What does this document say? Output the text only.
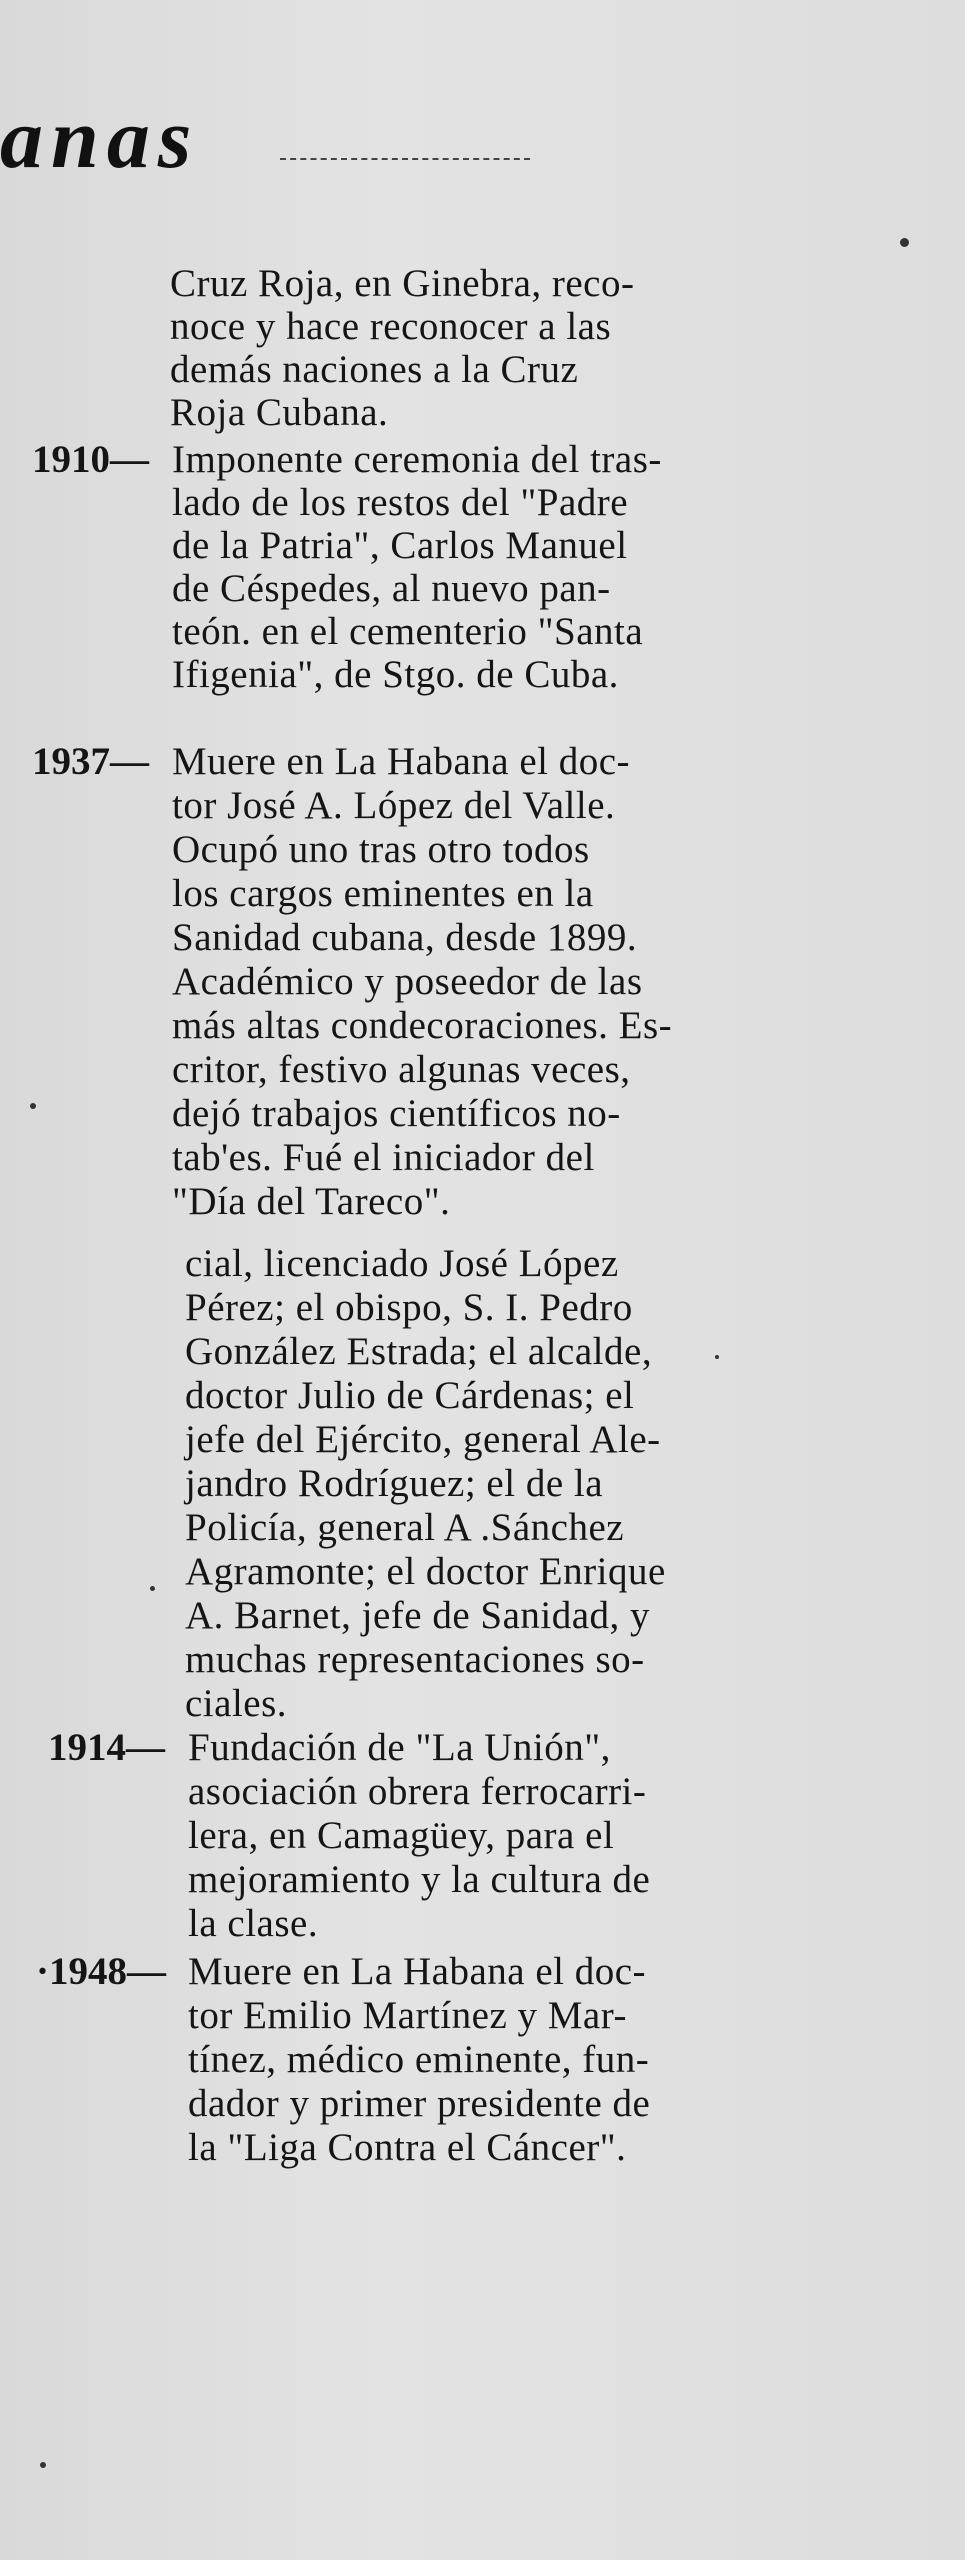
anas
Cruz Roja, en Ginebra, reco-
noce y hace reconocer a las
demás naciones a la Cruz
Roja Cubana.
1910— Imponente ceremonia del tras-
lado de los restos del "Padre
de la Patria", Carlos Manuel
de Céspedes, al nuevo pan-
teón. en el cementerio "Santa
Ifigenia", de Stgo. de Cuba.
1937— Muere en La Habana el doc-
tor José A. López del Valle.
Ocupó uno tras otro todos
los cargos eminentes en la
Sanidad cubana, desde 1899.
Académico y poseedor de las
más altas condecoraciones. Es-
critor, festivo algunas veces,
dejó trabajos científicos no-
tab'es. Fué el iniciador del
"Día del Tareco".
cial, licenciado José López
Pérez; el obispo, S. I. Pedro
González Estrada; el alcalde,
doctor Julio de Cárdenas; el
jefe del Ejército, general Ale-
jandro Rodríguez; el de la
Policía, general A .Sánchez
Agramonte; el doctor Enrique
A. Barnet, jefe de Sanidad, y
muchas representaciones so-
ciales.
1914— Fundación de "La Unión",
asociación obrera ferrocarri-
lera, en Camagüey, para el
mejoramiento y la cultura de
la clase.
·1948— Muere en La Habana el doc-
tor Emilio Martínez y Mar-
tínez, médico eminente, fun-
dador y primer presidente de
la "Liga Contra el Cáncer".
